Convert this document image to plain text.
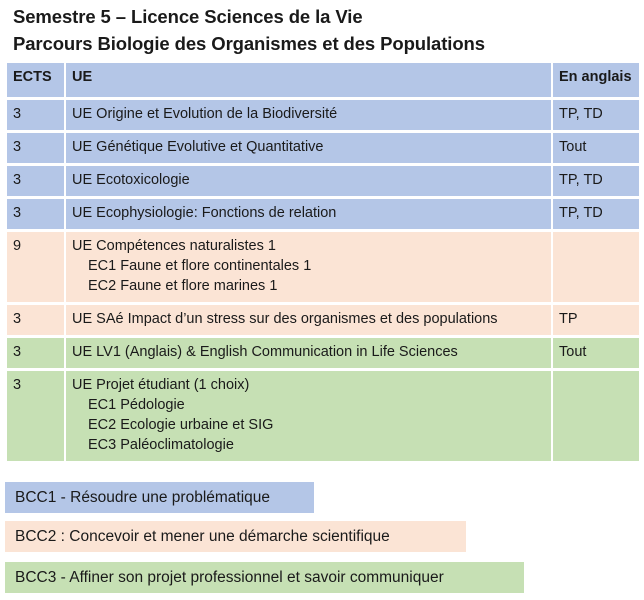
Semestre 5 – Licence Sciences de la Vie
Parcours Biologie des Organismes et des Populations
ECTS	UE	En anglais
3	UE Origine et Evolution de la Biodiversité	TP, TD
3	UE Génétique Evolutive et Quantitative	Tout
3	UE Ecotoxicologie	TP, TD
3	UE Ecophysiologie: Fonctions de relation	TP, TD
9	UE Compétences naturalistes 1
EC1 Faune et flore continentales 1
EC2 Faune et flore marines 1	

3	UE SAé Impact d’un stress sur des organismes et des populations	TP
3	UE LV1 (Anglais) & English Communication in Life Sciences	Tout
3	UE Projet étudiant (1 choix)
EC1 Pédologie
EC2 Ecologie urbaine et SIG
EC3 Paléoclimatologie	

BCC1 - Résoudre une problématique
BCC2 : Concevoir et mener une démarche scientifique
BCC3 - Affiner son projet professionnel et savoir communiquer
